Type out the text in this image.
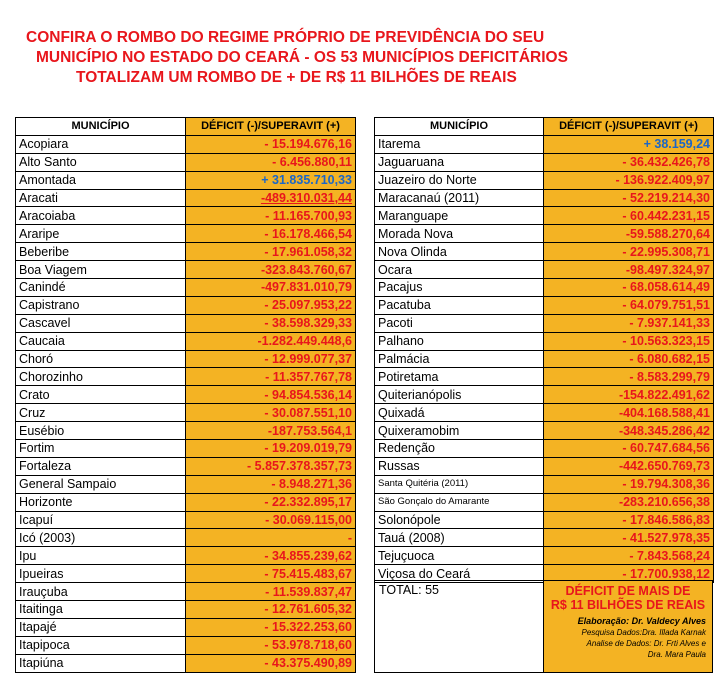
CONFIRA O ROMBO DO REGIME PRÓPRIO DE PREVIDÊNCIA DO SEU
MUNICÍPIO NO ESTADO DO CEARÁ - OS 53 MUNICÍPIOS DEFICITÁRIOS
TOTALIZAM UM ROMBO DE + DE R$ 11 BILHÕES DE REAIS
MUNICÍPIO	DÉFICIT (-)/SUPERAVIT (+)
Acopiara	- 15.194.676,16
Alto Santo	- 6.456.880,11
Amontada	+ 31.835.710,33
Aracati	-489.310.031,44
Aracoiaba	- 11.165.700,93
Araripe	- 16.178.466,54
Beberibe	- 17.961.058,32
Boa Viagem	-323.843.760,67
Canindé	-497.831.010,79
Capistrano	- 25.097.953,22
Cascavel	- 38.598.329,33
Caucaia	-1.282.449.448,6
Choró	- 12.999.077,37
Chorozinho	- 11.357.767,78
Crato	- 94.854.536,14
Cruz	- 30.087.551,10
Eusébio	-187.753.564,1
Fortim	- 19.209.019,79
Fortaleza	- 5.857.378.357,73
General Sampaio	- 8.948.271,36
Horizonte	- 22.332.895,17
Icapuí	- 30.069.115,00
Icó (2003)	-
Ipu	- 34.855.239,62
Ipueiras	- 75.415.483,67
Irauçuba	- 11.539.837,47
Itaitinga	- 12.761.605,32
Itapajé	- 15.322.253,60
Itapipoca	- 53.978.718,60
Itapiúna	- 43.375.490,89
MUNICÍPIO	DÉFICIT (-)/SUPERAVIT (+)
Itarema	+ 38.159,24
Jaguaruana	- 36.432.426,78
Juazeiro do Norte	- 136.922.409,97
Maracanaú (2011)	- 52.219.214,30
Maranguape	- 60.442.231,15
Morada Nova	-59.588.270,64
Nova Olinda	- 22.995.308,71
Ocara	-98.497.324,97
Pacajus	- 68.058.614,49
Pacatuba	- 64.079.751,51
Pacoti	- 7.937.141,33
Palhano	- 10.563.323,15
Palmácia	- 6.080.682,15
Potiretama	- 8.583.299,79
Quiterianópolis	-154.822.491,62
Quixadá	-404.168.588,41
Quixeramobim	-348.345.286,42
Redenção	- 60.747.684,56
Russas	-442.650.769,73
Santa Quitéria (2011)	- 19.794.308,36
São Gonçalo do Amarante	-283.210.656,38
Solonópole	- 17.846.586,83
Tauá (2008)	- 41.527.978,35
Tejuçuoca	- 7.843.568,24
Viçosa do Ceará	- 17.700.938,12
TOTAL: 55	DÉFICIT DE MAIS DE
R$ 11 BILHÕES DE REAIS
Elaboração: Dr. Valdecy Alves
Pesquisa Dados:Dra. Illada Karnak
Analise de Dados: Dr. Frti Alves e
Dra. Mara Paula
